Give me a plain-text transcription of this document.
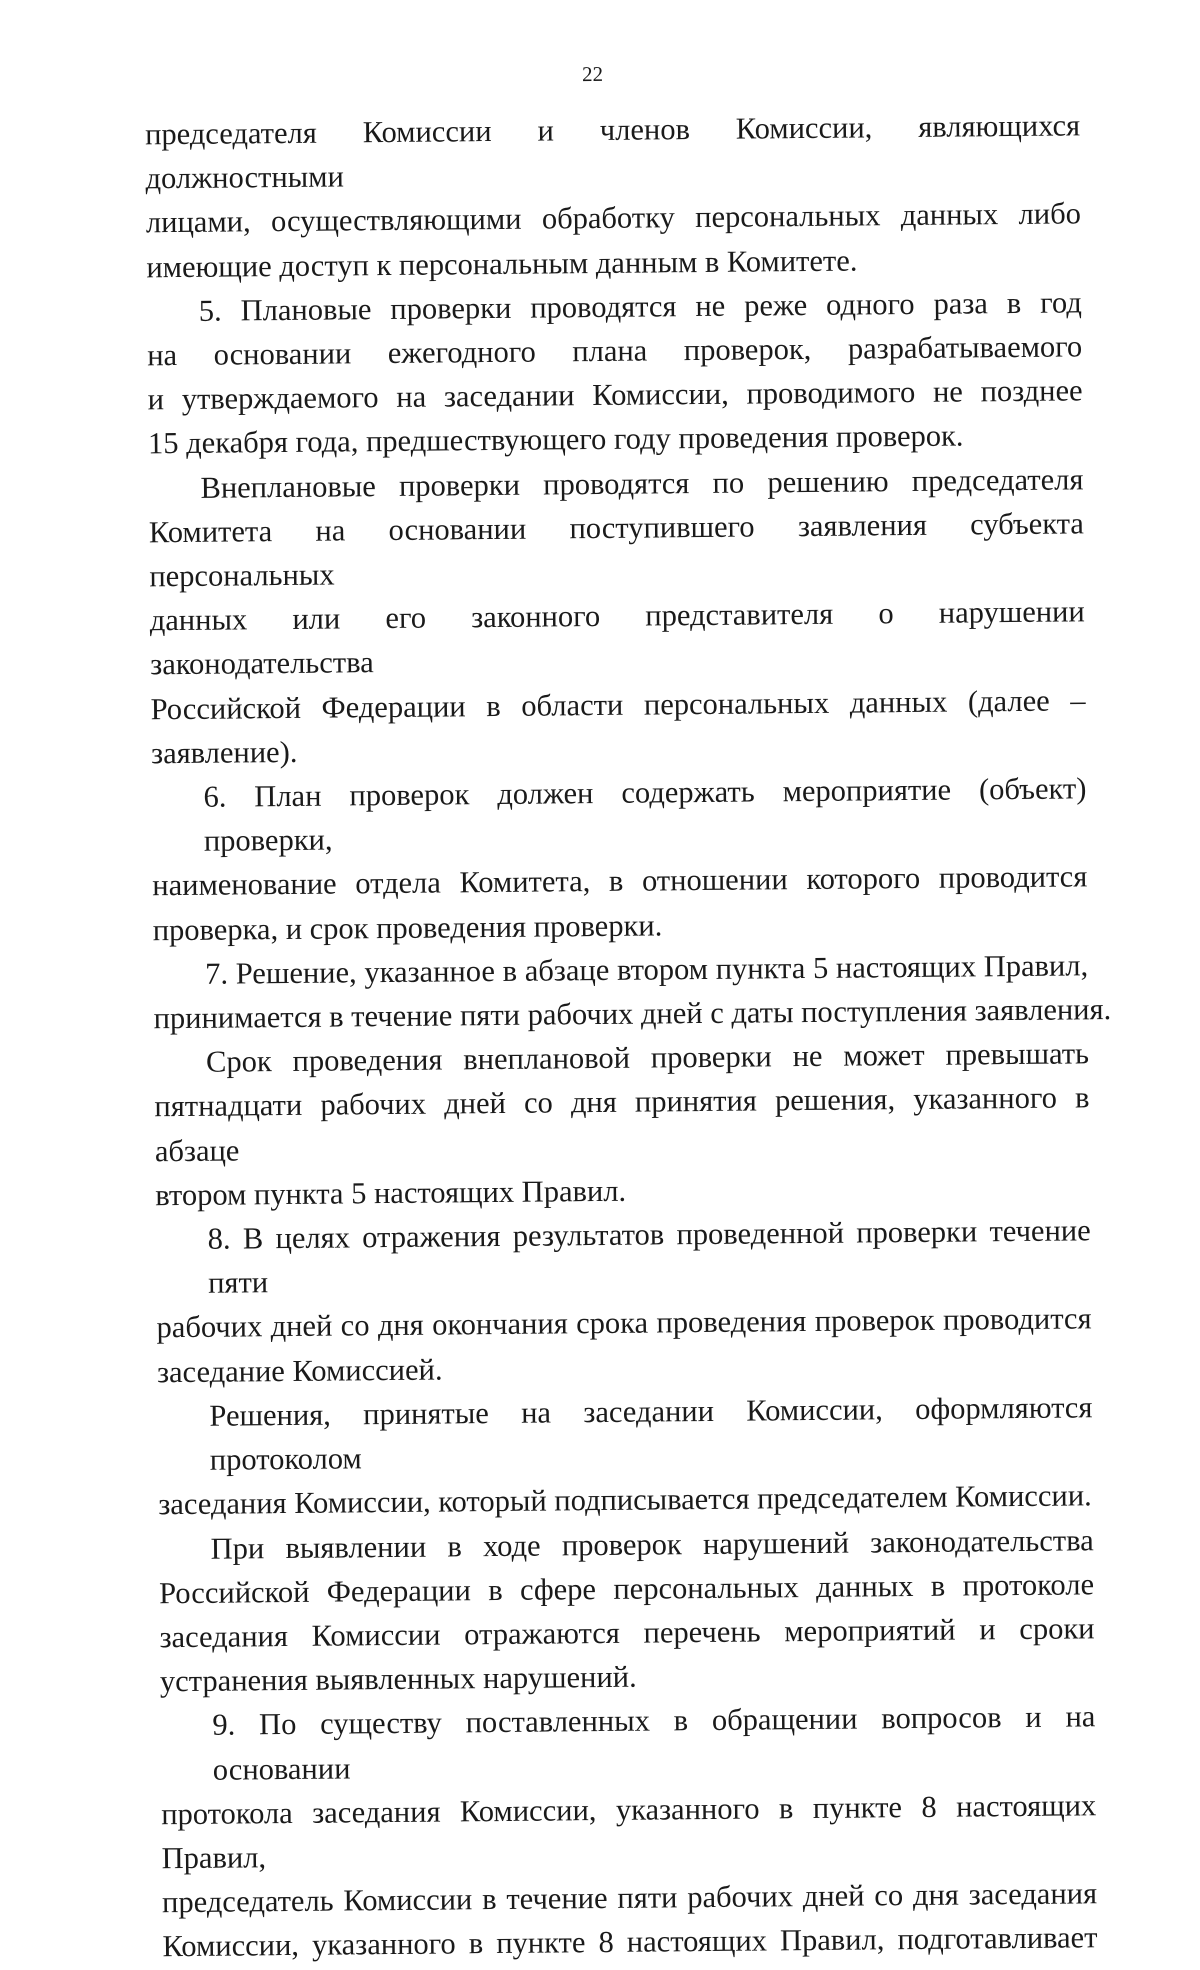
22
председателя Комиссии и членов Комиссии, являющихся должностными
лицами, осуществляющими обработку персональных данных либо
имеющие доступ к персональным данным в Комитете.
5. Плановые проверки проводятся не реже одного раза в год
на основании ежегодного плана проверок, разрабатываемого
и утверждаемого на заседании Комиссии, проводимого не позднее
15 декабря года, предшествующего году проведения проверок.
Внеплановые проверки проводятся по решению председателя
Комитета на основании поступившего заявления субъекта персональных
данных или его законного представителя о нарушении законодательства
Российской Федерации в области персональных данных (далее –
заявление).
6. План проверок должен содержать мероприятие (объект) проверки,
наименование отдела Комитета, в отношении которого проводится
проверка, и срок проведения проверки.
7. Решение, указанное в абзаце втором пункта 5 настоящих Правил,
принимается в течение пяти рабочих дней с даты поступления заявления.
Срок проведения внеплановой проверки не может превышать
пятнадцати рабочих дней со дня принятия решения, указанного в абзаце
втором пункта 5 настоящих Правил.
8. В целях отражения результатов проведенной проверки течение пяти
рабочих дней со дня окончания срока проведения проверок проводится
заседание Комиссией.
Решения, принятые на заседании Комиссии, оформляются протоколом
заседания Комиссии, который подписывается председателем Комиссии.
При выявлении в ходе проверок нарушений законодательства
Российской Федерации в сфере персональных данных в протоколе
заседания Комиссии отражаются перечень мероприятий и сроки
устранения выявленных нарушений.
9. По существу поставленных в обращении вопросов и на основании
протокола заседания Комиссии, указанного в пункте 8 настоящих Правил,
председатель Комиссии в течение пяти рабочих дней со дня заседания
Комиссии, указанного в пункте 8 настоящих Правил, подготавливает
